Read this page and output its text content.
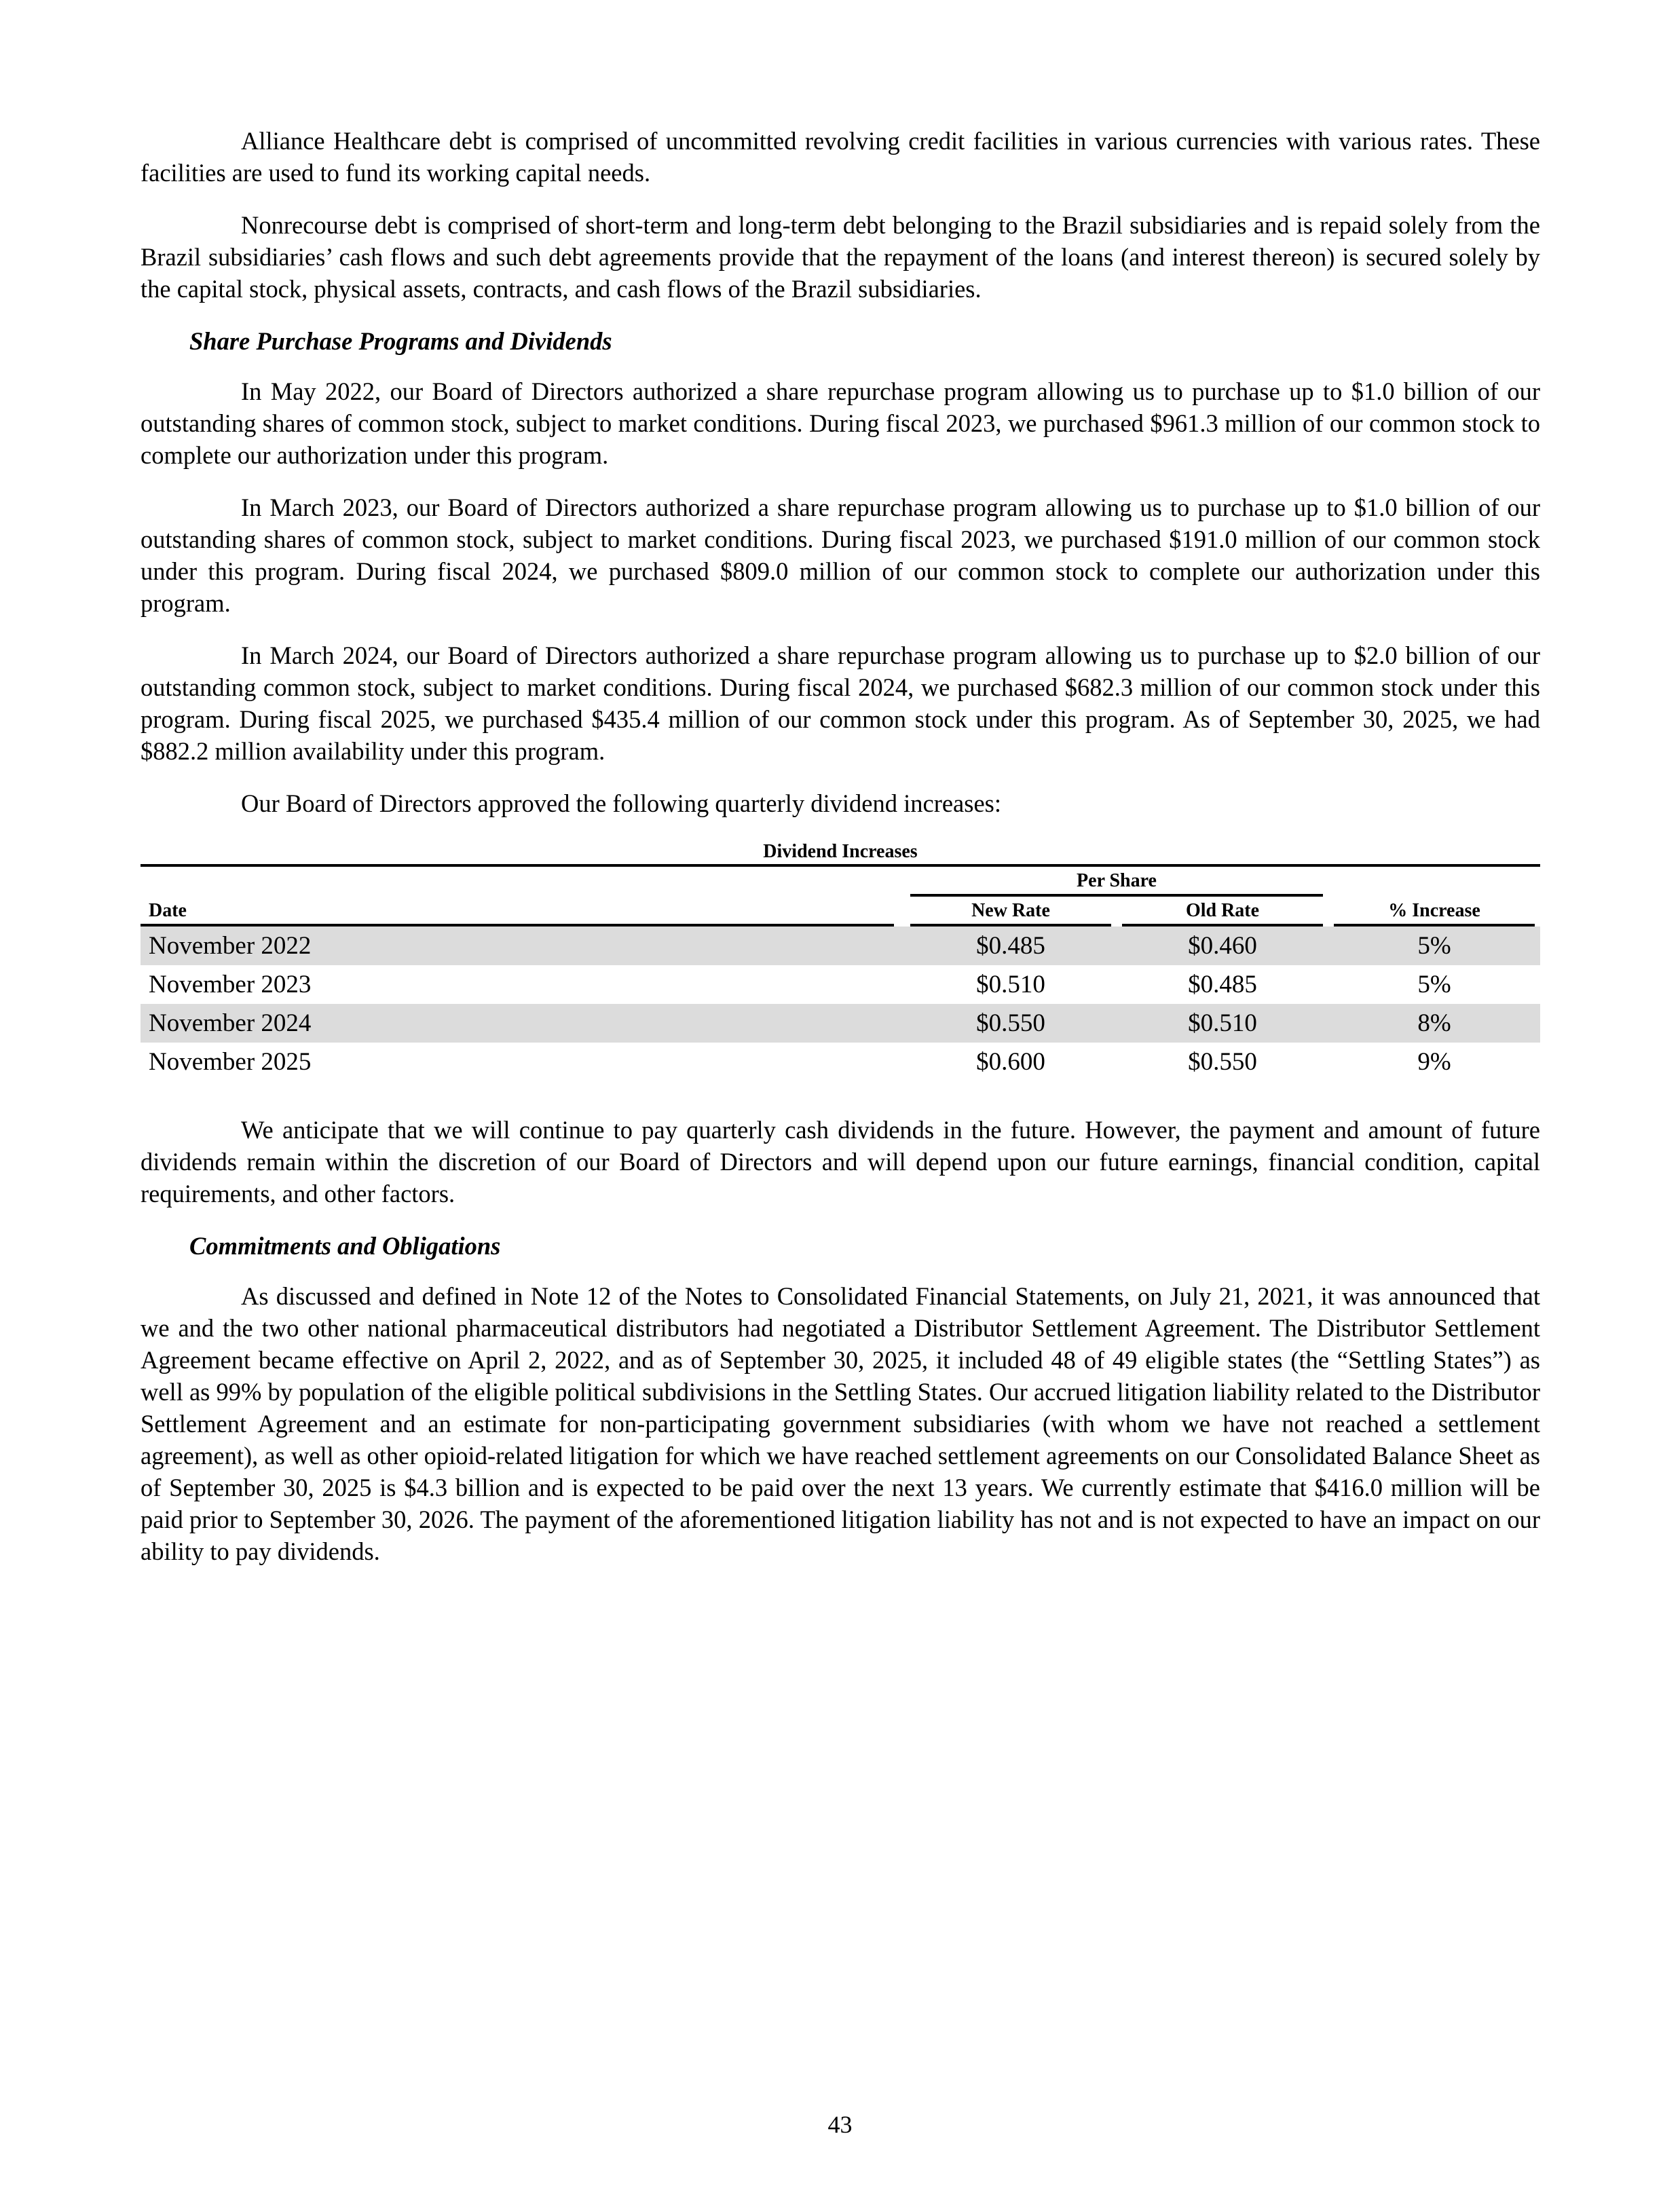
Alliance Healthcare debt is comprised of uncommitted revolving credit facilities in various currencies with various rates. These facilities are used to fund its working capital needs.

Nonrecourse debt is comprised of short-term and long-term debt belonging to the Brazil subsidiaries and is repaid solely from the Brazil subsidiaries’ cash flows and such debt agreements provide that the repayment of the loans (and interest thereon) is secured solely by the capital stock, physical assets, contracts, and cash flows of the Brazil subsidiaries.

Share Purchase Programs and Dividends

In May 2022, our Board of Directors authorized a share repurchase program allowing us to purchase up to $1.0 billion of our outstanding shares of common stock, subject to market conditions. During fiscal 2023, we purchased $961.3 million of our common stock to complete our authorization under this program.

In March 2023, our Board of Directors authorized a share repurchase program allowing us to purchase up to $1.0 billion of our outstanding shares of common stock, subject to market conditions. During fiscal 2023, we purchased $191.0 million of our common stock under this program. During fiscal 2024, we purchased $809.0 million of our common stock to complete our authorization under this program.

In March 2024, our Board of Directors authorized a share repurchase program allowing us to purchase up to $2.0 billion of our outstanding common stock, subject to market conditions. During fiscal 2024, we purchased $682.3 million of our common stock under this program. During fiscal 2025, we purchased $435.4 million of our common stock under this program. As of September 30, 2025, we had $882.2 million availability under this program.

Our Board of Directors approved the following quarterly dividend increases:

Dividend Increases

	Per Share		

Date	New Rate	Old Rate	% Increase

November 2022	$0.485	$0.460	5%
November 2023	$0.510	$0.485	5%
November 2024	$0.550	$0.510	8%
November 2025	$0.600	$0.550	9%

We anticipate that we will continue to pay quarterly cash dividends in the future. However, the payment and amount of future dividends remain within the discretion of our Board of Directors and will depend upon our future earnings, financial condition, capital requirements, and other factors.

Commitments and Obligations

As discussed and defined in Note 12 of the Notes to Consolidated Financial Statements, on July 21, 2021, it was announced that we and the two other national pharmaceutical distributors had negotiated a Distributor Settlement Agreement. The Distributor Settlement Agreement became effective on April 2, 2022, and as of September 30, 2025, it included 48 of 49 eligible states (the “Settling States”) as well as 99% by population of the eligible political subdivisions in the Settling States. Our accrued litigation liability related to the Distributor Settlement Agreement and an estimate for non-participating government subsidiaries (with whom we have not reached a settlement agreement), as well as other opioid-related litigation for which we have reached settlement agreements on our Consolidated Balance Sheet as of September 30, 2025 is $4.3 billion and is expected to be paid over the next 13 years. We currently estimate that $416.0 million will be paid prior to September 30, 2026. The payment of the aforementioned litigation liability has not and is not expected to have an impact on our ability to pay dividends.

43
